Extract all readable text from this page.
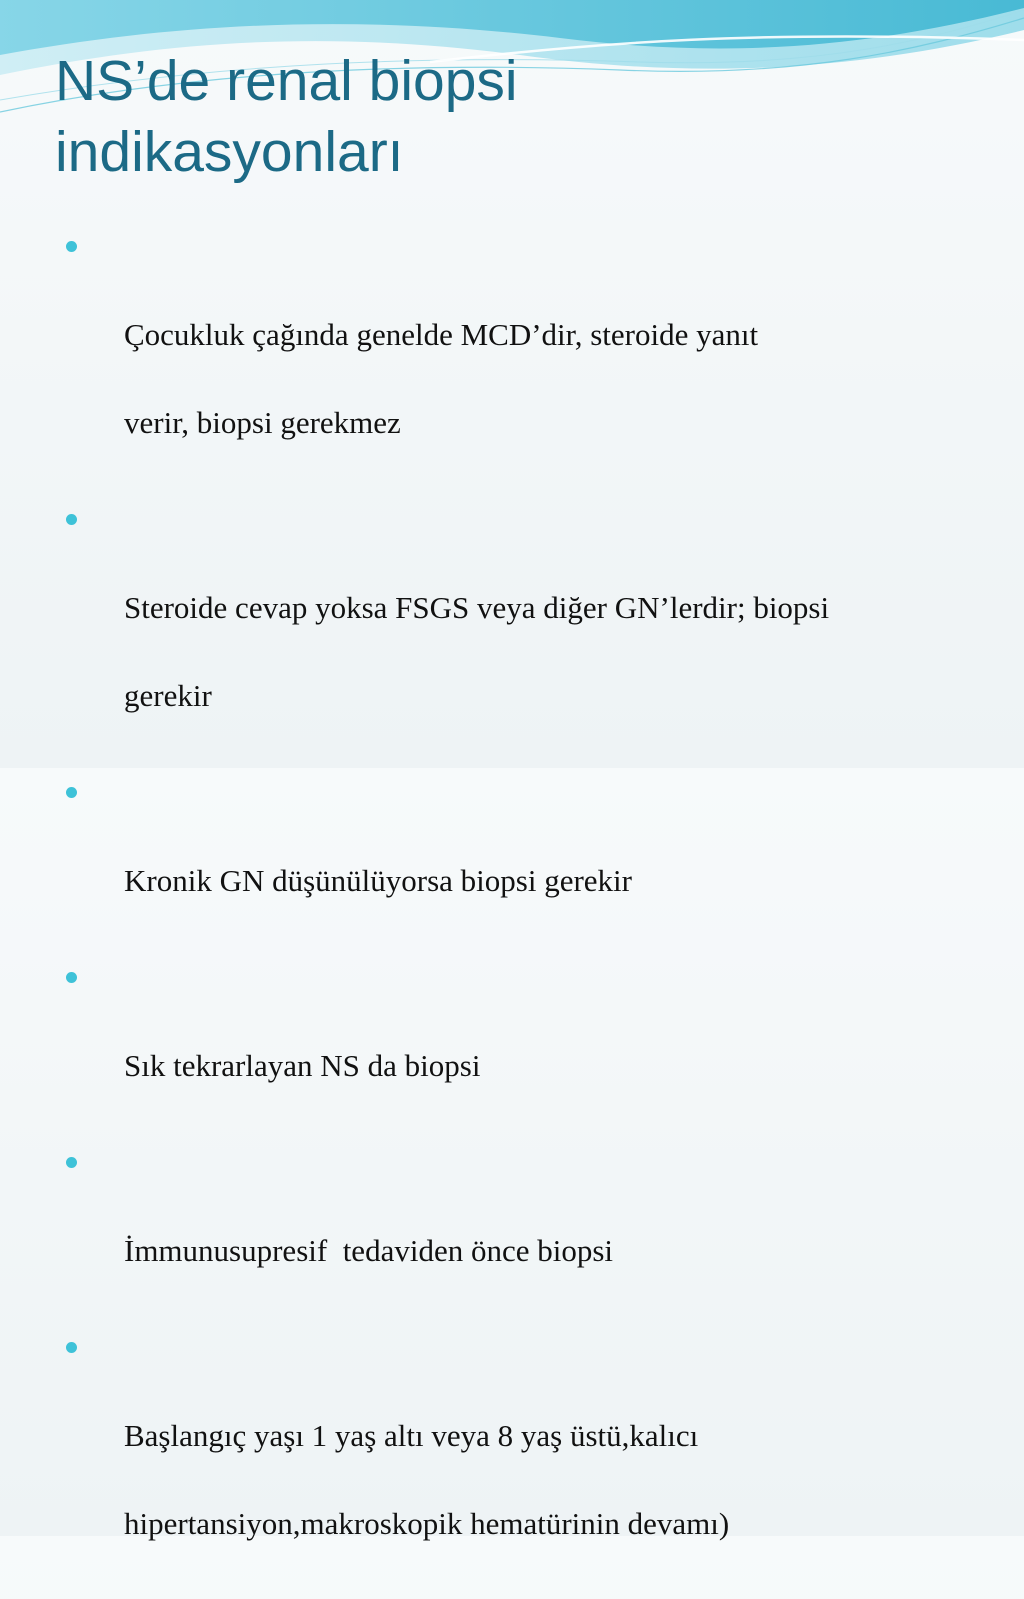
NS’de renal biopsi
indikasyonları

Çocukluk çağında genelde MCD’dir, steroide yanıt

verir, biopsi gerekmez

Steroide cevap yoksa FSGS veya diğer GN’lerdir; biopsi

gerekir

Kronik GN düşünülüyorsa biopsi gerekir

Sık tekrarlayan NS da biopsi

İmmunusupresif  tedaviden önce biopsi

Başlangıç yaşı 1 yaş altı veya 8 yaş üstü,kalıcı

hipertansiyon,makroskopik hematürinin devamı)
